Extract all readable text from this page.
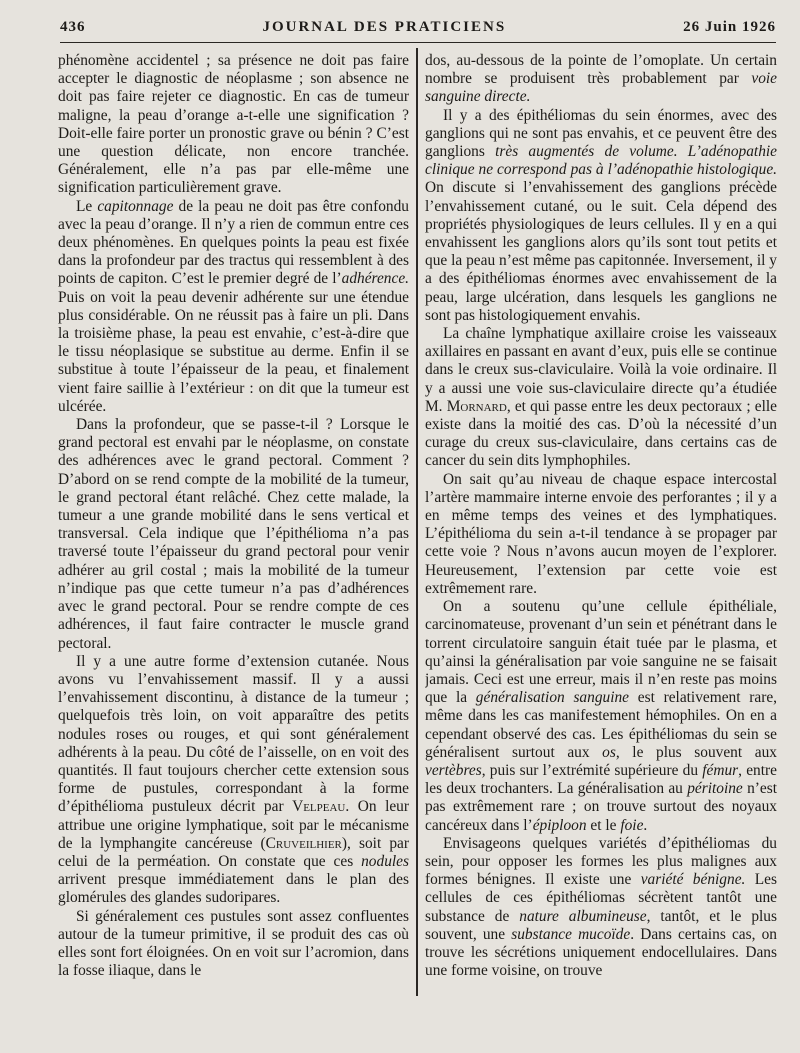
436	JOURNAL DES PRATICIENS	26 Juin 1926

phénomène accidentel ; sa présence ne doit pas faire accepter le diagnostic de néoplasme ; son absence ne doit pas faire rejeter ce diagnostic. En cas de tumeur maligne, la peau d’orange a-t-elle une signification ? Doit-elle faire porter un pronostic grave ou bénin ? C’est une question délicate, non encore tranchée. Généralement, elle n’a pas par elle-même une signification particulièrement grave.

Le capitonnage de la peau ne doit pas être confondu avec la peau d’orange. Il n’y a rien de commun entre ces deux phénomènes. En quelques points la peau est fixée dans la profondeur par des tractus qui ressemblent à des points de capiton. C’est le premier degré de l’adhérence. Puis on voit la peau devenir adhérente sur une étendue plus considérable. On ne réussit pas à faire un pli. Dans la troisième phase, la peau est envahie, c’est-à-dire que le tissu néoplasique se substitue au derme. Enfin il se substitue à toute l’épaisseur de la peau, et finalement vient faire saillie à l’extérieur : on dit que la tumeur est ulcérée.

Dans la profondeur, que se passe-t-il ? Lorsque le grand pectoral est envahi par le néoplasme, on constate des adhérences avec le grand pectoral. Comment ? D’abord on se rend compte de la mobilité de la tumeur, le grand pectoral étant relâché. Chez cette malade, la tumeur a une grande mobilité dans le sens vertical et transversal. Cela indique que l’épithélioma n’a pas traversé toute l’épaisseur du grand pectoral pour venir adhérer au gril costal ; mais la mobilité de la tumeur n’indique pas que cette tumeur n’a pas d’adhérences avec le grand pectoral. Pour se rendre compte de ces adhérences, il faut faire contracter le muscle grand pectoral.

Il y a une autre forme d’extension cutanée. Nous avons vu l’envahissement massif. Il y a aussi l’envahissement discontinu, à distance de la tumeur ; quelquefois très loin, on voit apparaître des petits nodules roses ou rouges, et qui sont généralement adhérents à la peau. Du côté de l’aisselle, on en voit des quantités. Il faut toujours chercher cette extension sous forme de pustules, correspondant à la forme d’épithélioma pustuleux décrit par Velpeau. On leur attribue une origine lymphatique, soit par le mécanisme de la lymphangite cancéreuse (Cruveilhier), soit par celui de la perméation. On constate que ces nodules arrivent presque immédiatement dans le plan des glomérules des glandes sudoripares.

Si généralement ces pustules sont assez confluentes autour de la tumeur primitive, il se produit des cas où elles sont fort éloignées. On en voit sur l’acromion, dans la fosse iliaque, dans le

dos, au-dessous de la pointe de l’omoplate. Un certain nombre se produisent très probablement par voie sanguine directe.

Il y a des épithéliomas du sein énormes, avec des ganglions qui ne sont pas envahis, et ce peuvent être des ganglions très augmentés de volume. L’adénopathie clinique ne correspond pas à l’adénopathie histologique. On discute si l’envahissement des ganglions précède l’envahissement cutané, ou le suit. Cela dépend des propriétés physiologiques de leurs cellules. Il y en a qui envahissent les ganglions alors qu’ils sont tout petits et que la peau n’est même pas capitonnée. Inversement, il y a des épithéliomas énormes avec envahissement de la peau, large ulcération, dans lesquels les ganglions ne sont pas histologiquement envahis.

La chaîne lymphatique axillaire croise les vaisseaux axillaires en passant en avant d’eux, puis elle se continue dans le creux sus-claviculaire. Voilà la voie ordinaire. Il y a aussi une voie sus-claviculaire directe qu’a étudiée M. Mornard, et qui passe entre les deux pectoraux ; elle existe dans la moitié des cas. D’où la nécessité d’un curage du creux sus-claviculaire, dans certains cas de cancer du sein dits lymphophiles.

On sait qu’au niveau de chaque espace intercostal l’artère mammaire interne envoie des perforantes ; il y a en même temps des veines et des lymphatiques. L’épithélioma du sein a-t-il tendance à se propager par cette voie ? Nous n’avons aucun moyen de l’explorer. Heureusement, l’extension par cette voie est extrêmement rare.

On a soutenu qu’une cellule épithéliale, carcinomateuse, provenant d’un sein et pénétrant dans le torrent circulatoire sanguin était tuée par le plasma, et qu’ainsi la généralisation par voie sanguine ne se faisait jamais. Ceci est une erreur, mais il n’en reste pas moins que la généralisation sanguine est relativement rare, même dans les cas manifestement hémophiles. On en a cependant observé des cas. Les épithéliomas du sein se généralisent surtout aux os, le plus souvent aux vertèbres, puis sur l’extrémité supérieure du fémur, entre les deux trochanters. La généralisation au péritoine n’est pas extrêmement rare ; on trouve surtout des noyaux cancéreux dans l’épiploon et le foie.

Envisageons quelques variétés d’épithéliomas du sein, pour opposer les formes les plus malignes aux formes bénignes. Il existe une variété bénigne. Les cellules de ces épithéliomas sécrètent tantôt une substance de nature albumineuse, tantôt, et le plus souvent, une substance mucoïde. Dans certains cas, on trouve les sécrétions uniquement endocellulaires. Dans une forme voisine, on trouve
